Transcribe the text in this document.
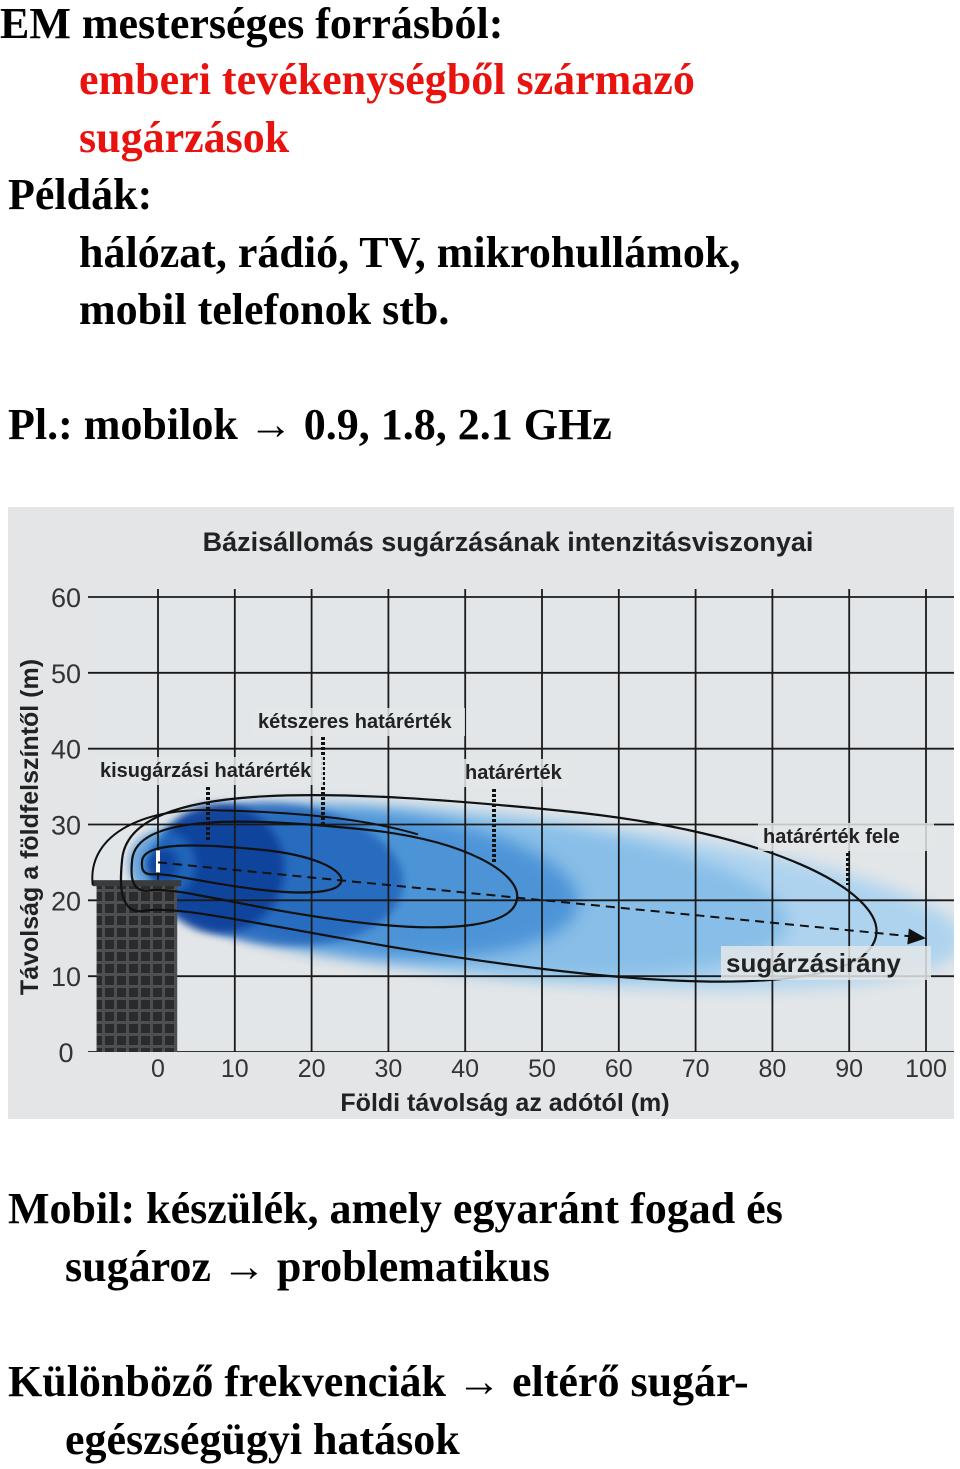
EM mesterséges forrásból:
emberi tevékenységből származó
sugárzások
Példák:
hálózat, rádió, TV, mikrohullámok,
mobil telefonok stb.
Pl.: mobilok → 0.9, 1.8, 2.1 GHz
Bázisállomás sugárzásának intenzitásviszonyai
0
10
20
30
40
50
60
0 10 20 30 40 50 60 70 80 90 100
Földi távolság az adótól (m)
Távolság a földfelszíntől (m)	kisugárzási határérték
kétszeres határérték
határérték
határérték fele
sugárzásirány
Mobil: készülék, amely egyaránt fogad és
sugároz → problematikus
Különböző frekvenciák → eltérő sugár-
egészségügyi hatások
